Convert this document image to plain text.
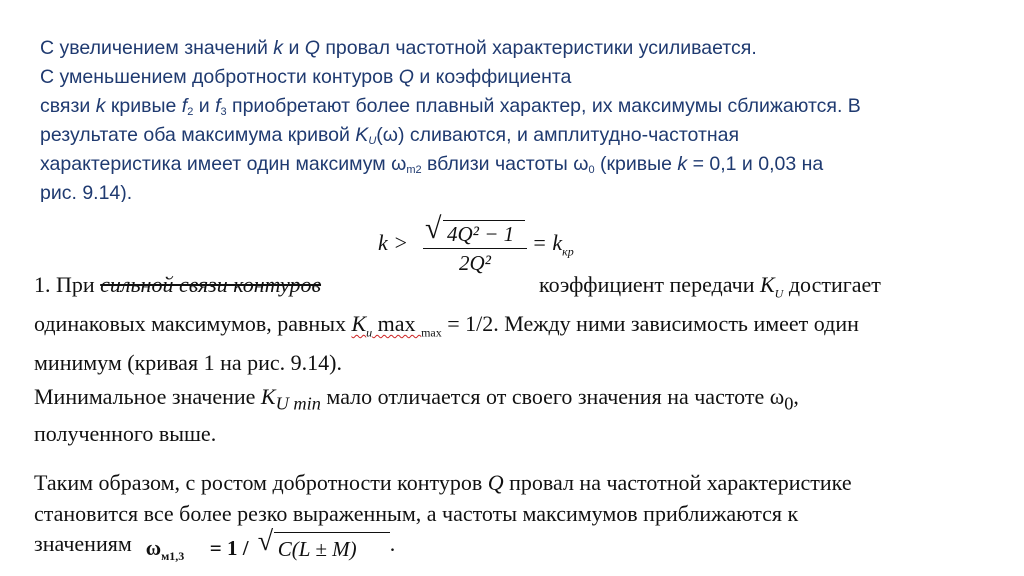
С увеличением значений k и Q провал частотной характеристики усиливается.
С уменьшением добротности контуров Q и коэффициента
связи k кривые $f_2$ и $f_3$ приобретают более плавный характер, их максимумы сближаются. В
результате оба максимума кривой $K_U(\omega)$ сливаются, и амплитудно-частотная
характеристика имеет один максимум $\omega_{m2}$ вблизи частоты $\omega_0$ (кривые k = 0,1 и 0,03 на
рис. 9.14).
$k > \frac{\text{√ 4Q² − 1}}{\text{2Q²}} = k_{кр}$
1. При сильной связи контуров	коэффициент передачи $K_U$ достигает
одинаковых максимумов, равных $K_u$ max $_{max}$ = 1/2. Между ними зависимость имеет один
минимум (кривая 1 на рис. 9.14).
Минимальное значение $K_{U min}$ мало отличается от своего значения на частоте $\omega_0$,
полученного выше.
Таким образом, с ростом добротности контуров Q провал на частотной характеристике
становится все более резко выраженным, а частоты максимумов приближаются к
значениям $\omega_{м1,3} = 1$ / √ C(L ± M) .
